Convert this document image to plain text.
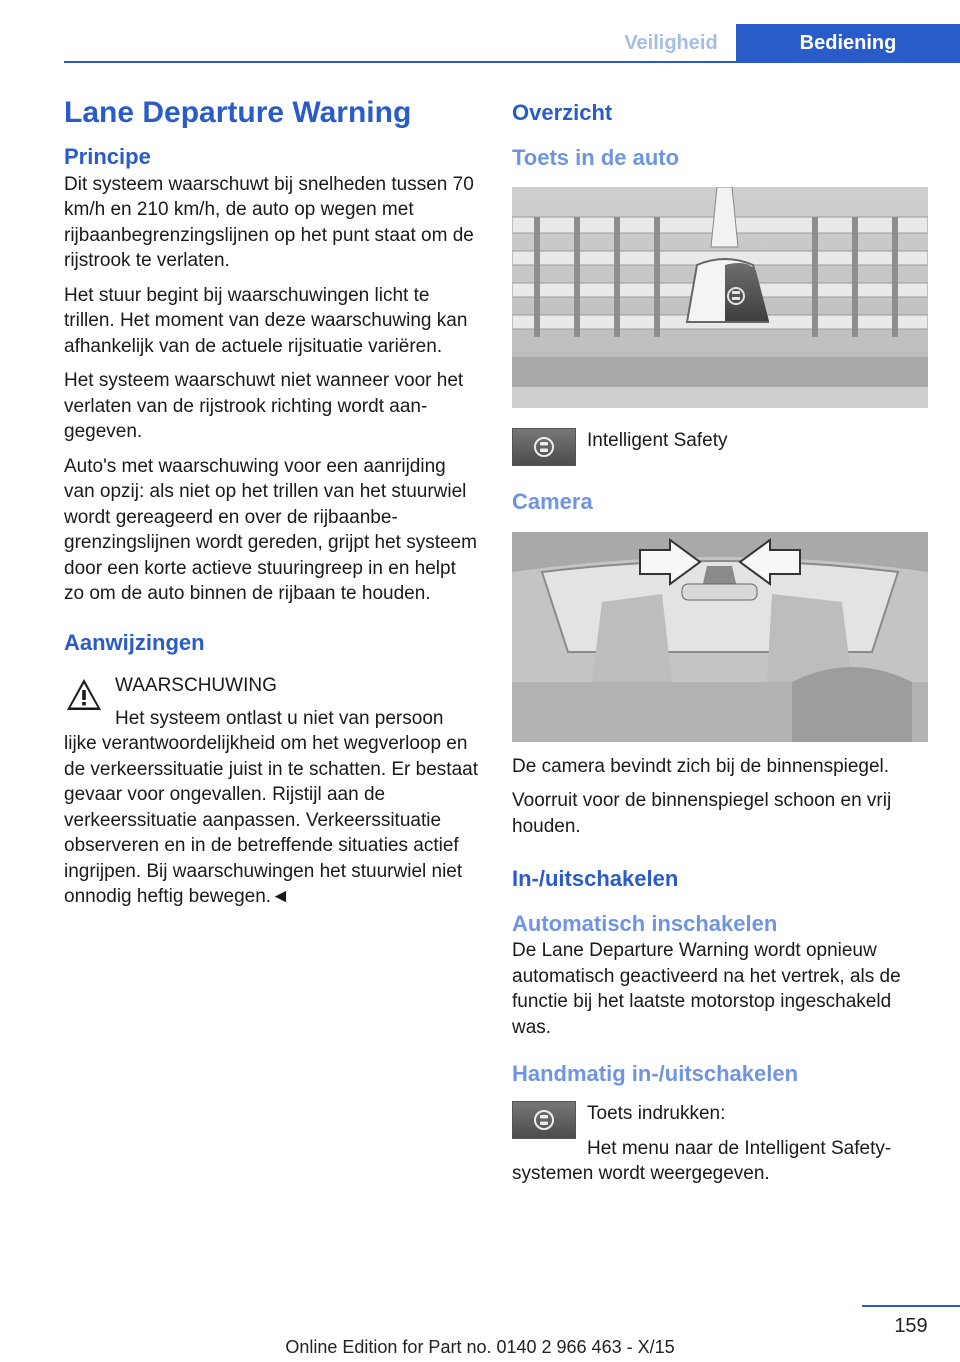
Veiligheid	Bediening
Lane Departure Warning
Principe

Dit systeem waarschuwt bij snelheden tussen 70 km/h en 210 km/h, de auto op wegen met rijbaanbegrenzingslijnen op het punt staat om de rijstrook te verlaten.

Het stuur begint bij waarschuwingen licht te trillen. Het moment van deze waarschuwing kan afhankelijk van de actuele rijsituatie variëren.

Het systeem waarschuwt niet wanneer voor het verlaten van de rijstrook richting wordt aangegeven.

Auto's met waarschuwing voor een aanrijding van opzij: als niet op het trillen van het stuurwiel wordt gereageerd en over de rijbaanbegrenzingslijnen wordt gereden, grijpt het systeem door een korte actieve stuuringreep in en helpt zo om de auto binnen de rijbaan te houden.

Aanwijzingen
WAARSCHUWING

Het systeem ontlast u niet van persoon

lijke verantwoordelijkheid om het wegverloop en de verkeerssituatie juist in te schatten. Er bestaat gevaar voor ongevallen. Rijstijl aan de verkeerssituatie aanpassen. Verkeerssituatie observeren en in de betreffende situaties actief ingrijpen. Bij waarschuwingen het stuurwiel niet onnodig heftig bewegen.◄

Overzicht
Toets in de auto
Intelligent Safety
Camera

De camera bevindt zich bij de binnenspiegel.

Voorruit voor de binnenspiegel schoon en vrij houden.

In-/uitschakelen
Automatisch inschakelen

De Lane Departure Warning wordt opnieuw automatisch geactiveerd na het vertrek, als de functie bij het laatste motorstop ingeschakeld was.

Handmatig in-/uitschakelen
Toets indrukken:
Het menu naar de Intelligent Safety-

systemen wordt weergegeven.

159
Online Edition for Part no. 0140 2 966 463 - X/15
